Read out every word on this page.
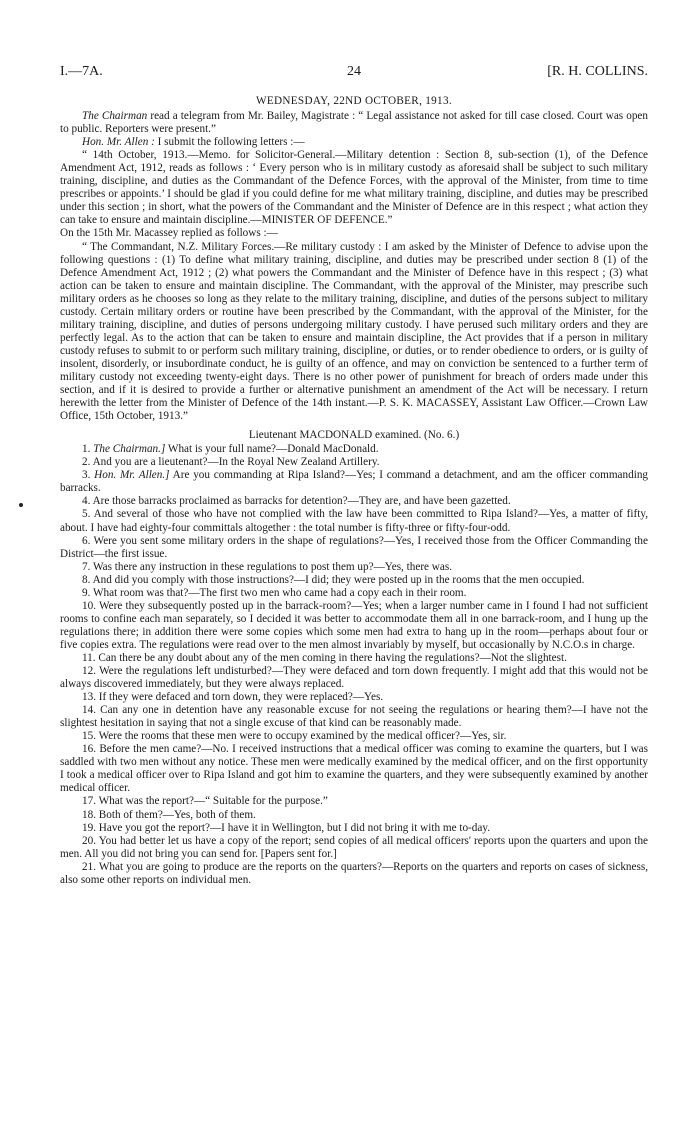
I.—7A.	24	[R. H. COLLINS.

WEDNESDAY, 22ND OCTOBER, 1913.

The Chairman read a telegram from Mr. Bailey, Magistrate : “ Legal assistance not asked for till case closed. Court was open to public. Reporters were present.”

Hon. Mr. Allen : I submit the following letters :—

“ 14th October, 1913.—Memo. for Solicitor-General.—Military detention : Section 8, sub-section (1), of the Defence Amendment Act, 1912, reads as follows : ‘ Every person who is in military custody as aforesaid shall be subject to such military training, discipline, and duties as the Commandant of the Defence Forces, with the approval of the Minister, from time to time prescribes or appoints.’ I should be glad if you could define for me what military training, discipline, and duties may be prescribed under this section ; in short, what the powers of the Commandant and the Minister of Defence are in this respect ; what action they can take to ensure and maintain discipline.—MINISTER OF DEFENCE.”

On the 15th Mr. Macassey replied as follows :—

“ The Commandant, N.Z. Military Forces.—Re military custody : I am asked by the Minister of Defence to advise upon the following questions : (1) To define what military training, discipline, and duties may be prescribed under section 8 (1) of the Defence Amendment Act, 1912 ; (2) what powers the Commandant and the Minister of Defence have in this respect ; (3) what action can be taken to ensure and maintain discipline. The Commandant, with the approval of the Minister, may prescribe such military orders as he chooses so long as they relate to the military training, discipline, and duties of the persons subject to military custody. Certain military orders or routine have been prescribed by the Commandant, with the approval of the Minister, for the military training, discipline, and duties of persons undergoing military custody. I have perused such military orders and they are perfectly legal. As to the action that can be taken to ensure and maintain discipline, the Act provides that if a person in military custody refuses to submit to or perform such military training, discipline, or duties, or to render obedience to orders, or is guilty of insolent, disorderly, or insubordinate conduct, he is guilty of an offence, and may on conviction be sentenced to a further term of military custody not exceeding twenty-eight days. There is no other power of punishment for breach of orders made under this section, and if it is desired to provide a further or alternative punishment an amendment of the Act will be necessary. I return herewith the letter from the Minister of Defence of the 14th instant.—P. S. K. MACASSEY, Assistant Law Officer.—Crown Law Office, 15th October, 1913.”

Lieutenant MACDONALD examined. (No. 6.)

1. The Chairman.] What is your full name?—Donald MacDonald.

2. And you are a lieutenant?—In the Royal New Zealand Artillery.

3. Hon. Mr. Allen.] Are you commanding at Ripa Island?—Yes; I command a detachment, and am the officer commanding barracks.

4. Are those barracks proclaimed as barracks for detention?—They are, and have been gazetted.

5. And several of those who have not complied with the law have been committed to Ripa Island?—Yes, a matter of fifty, about. I have had eighty-four committals altogether : the total number is fifty-three or fifty-four-odd.

6. Were you sent some military orders in the shape of regulations?—Yes, I received those from the Officer Commanding the District—the first issue.

7. Was there any instruction in these regulations to post them up?—Yes, there was.

8. And did you comply with those instructions?—I did; they were posted up in the rooms that the men occupied.

9. What room was that?—The first two men who came had a copy each in their room.

10. Were they subsequently posted up in the barrack-room?—Yes; when a larger number came in I found I had not sufficient rooms to confine each man separately, so I decided it was better to accommodate them all in one barrack-room, and I hung up the regulations there; in addition there were some copies which some men had extra to hang up in the room—perhaps about four or five copies extra. The regulations were read over to the men almost invariably by myself, but occasionally by N.C.O.s in charge.

11. Can there be any doubt about any of the men coming in there having the regulations?—Not the slightest.

12. Were the regulations left undisturbed?—They were defaced and torn down frequently. I might add that this would not be always discovered immediately, but they were always replaced.

13. If they were defaced and torn down, they were replaced?—Yes.

14. Can any one in detention have any reasonable excuse for not seeing the regulations or hearing them?—I have not the slightest hesitation in saying that not a single excuse of that kind can be reasonably made.

15. Were the rooms that these men were to occupy examined by the medical officer?—Yes, sir.

16. Before the men came?—No. I received instructions that a medical officer was coming to examine the quarters, but I was saddled with two men without any notice. These men were medically examined by the medical officer, and on the first opportunity I took a medical officer over to Ripa Island and got him to examine the quarters, and they were subsequently examined by another medical officer.

17. What was the report?—“ Suitable for the purpose.”

18. Both of them?—Yes, both of them.

19. Have you got the report?—I have it in Wellington, but I did not bring it with me to-day.

20. You had better let us have a copy of the report; send copies of all medical officers' reports upon the quarters and upon the men. All you did not bring you can send for. [Papers sent for.]

21. What you are going to produce are the reports on the quarters?—Reports on the quarters and reports on cases of sickness, also some other reports on individual men.
